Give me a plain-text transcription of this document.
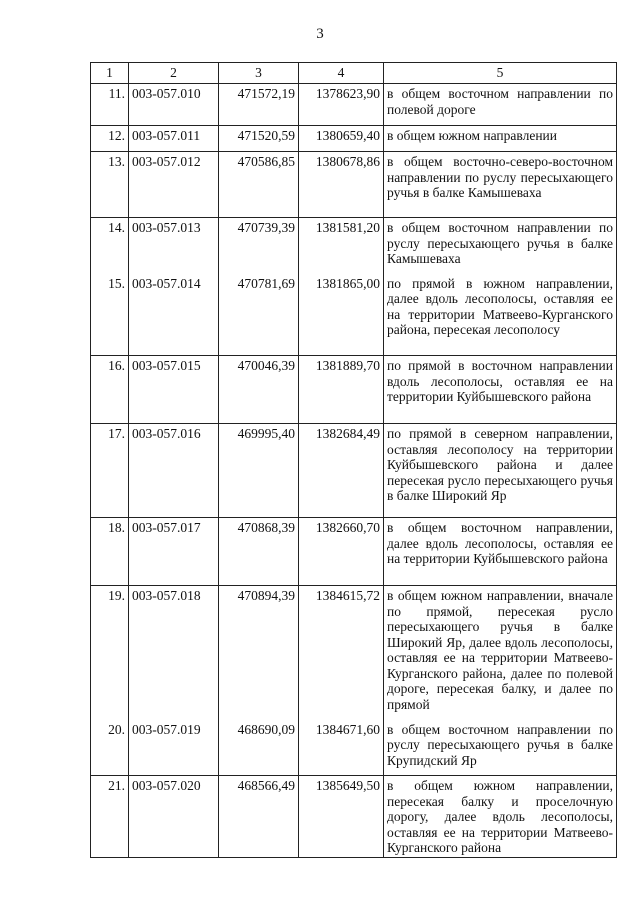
3
1	2	3	4	5
11.	003-057.010	471572,19	1378623,90	в общем восточном направлении по полевой дороге
12.	003-057.011	471520,59	1380659,40	в общем южном направлении
13.	003-057.012	470586,85	1380678,86	в общем восточно-северо-восточном направлении по руслу пересыхающего ручья в балке Камышеваха
14.	003-057.013	470739,39	1381581,20	в общем восточном направлении по руслу пересыхающего ручья в балке Камышеваха
15.	003-057.014	470781,69	1381865,00	по прямой в южном направлении, далее вдоль лесополосы, оставляя ее на территории Матвеево-Курганского района, пересекая лесополосу
16.	003-057.015	470046,39	1381889,70	по прямой в восточном направлении вдоль лесополосы, оставляя ее на территории Куйбышевского района
17.	003-057.016	469995,40	1382684,49	по прямой в северном направлении, оставляя лесополосу на территории Куйбышевского района и далее пересекая русло пересыхающего ручья в балке Широкий Яр
18.	003-057.017	470868,39	1382660,70	в общем восточном направлении, далее вдоль лесополосы, оставляя ее на территории Куйбышевского района
19.	003-057.018	470894,39	1384615,72	в общем южном направлении, вначале по прямой, пересекая русло пересыхающего ручья в балке Широкий Яр, далее вдоль лесополосы, оставляя ее на территории Матвеево-Курганского района, далее по полевой дороге, пересекая балку, и далее по прямой
20.	003-057.019	468690,09	1384671,60	в общем восточном направлении по руслу пересыхающего ручья в балке Крупидский Яр
21.	003-057.020	468566,49	1385649,50	в общем южном направлении, пересекая балку и проселочную дорогу, далее вдоль лесополосы, оставляя ее на территории Матвеево-Курганского района
